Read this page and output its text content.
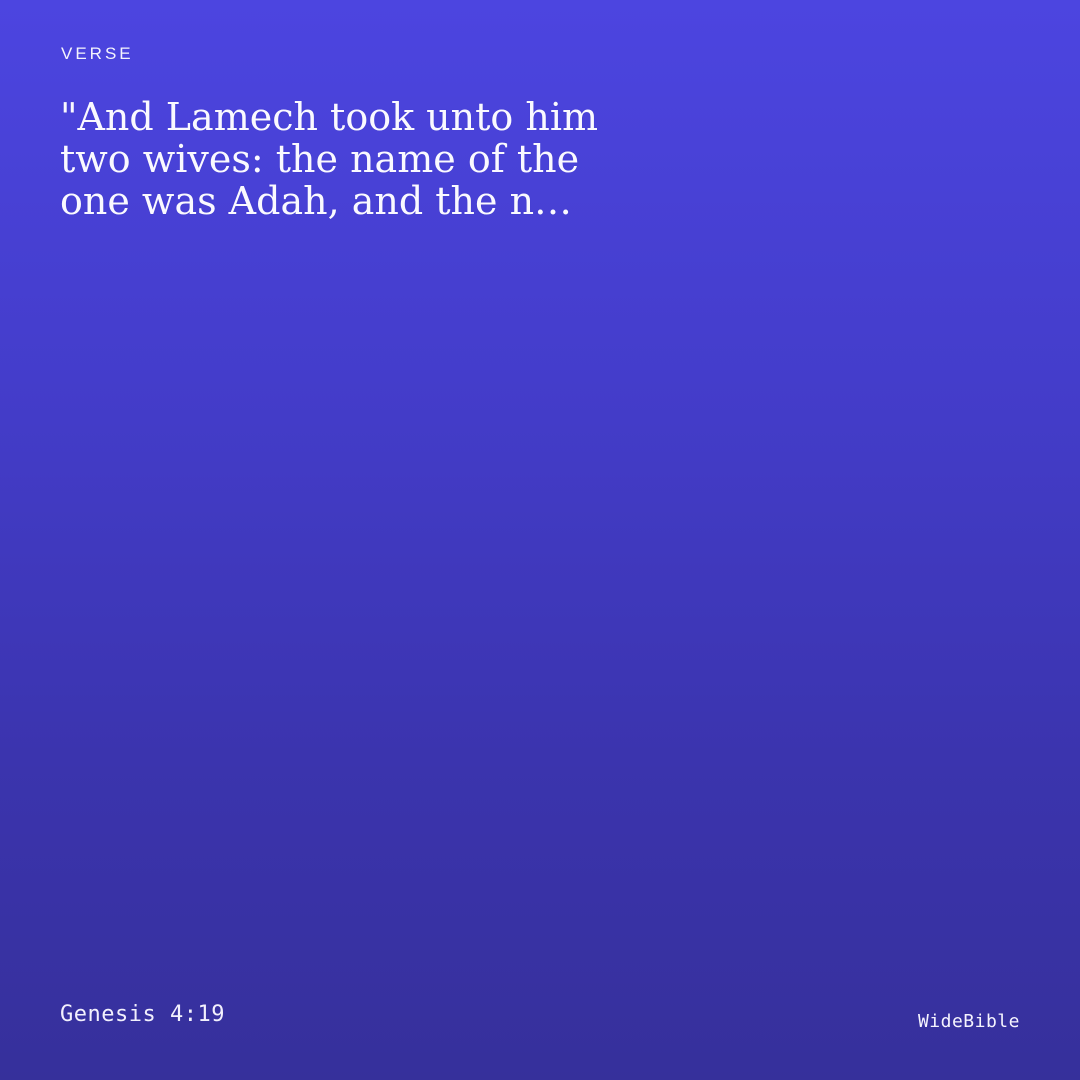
VERSE
"And Lamech took unto him
two wives: the name of the
one was Adah, and the n…
Genesis 4:19	WideBible
